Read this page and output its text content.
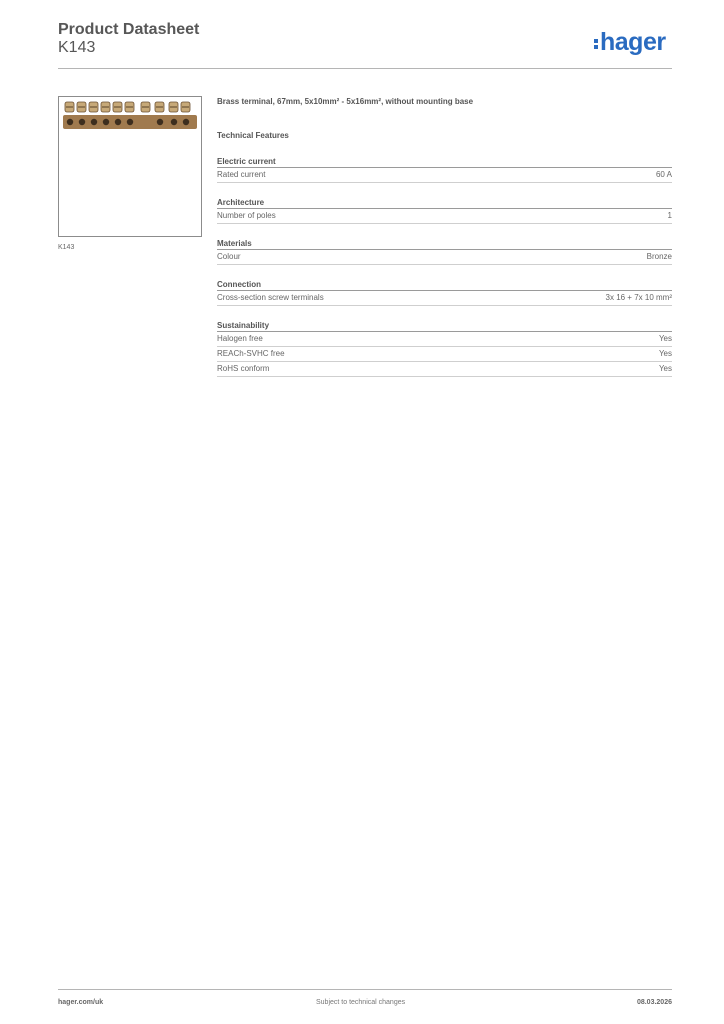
Product Datasheet
K143	hager
K143
Brass terminal, 67mm, 5x10mm² - 5x16mm², without mounting base
Technical Features
Electric current
Rated current	60 A
Architecture
Number of poles	1
Materials
Colour	Bronze
Connection
Cross-section screw terminals	3x 16 + 7x 10 mm²
Sustainability
Halogen free	Yes
REACh-SVHC free	Yes
RoHS conform	Yes
hager.com/uk	Subject to technical changes	08.03.2026
